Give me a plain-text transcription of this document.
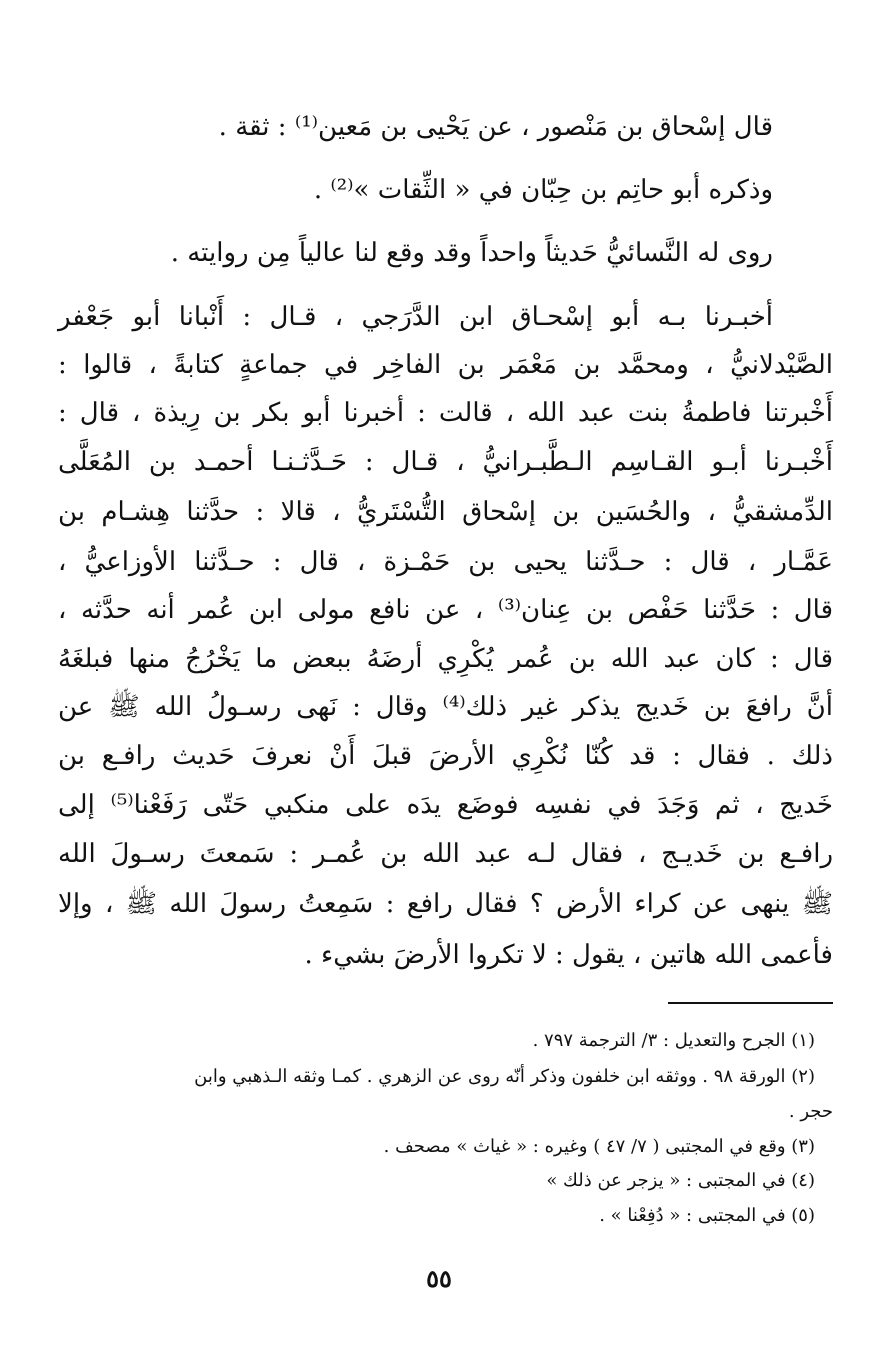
قال إسْحاق بن مَنْصور ، عن يَحْيى بن مَعين⁽¹⁾ : ثقة .
وذكره أبو حاتِم بن حِبّان في « الثِّقات »⁽²⁾ .
روى له النَّسائيُّ حَديثاً واحداً وقد وقع لنا عالياً مِن روايته .
أخبـرنا بـه أبو إسْحـاق ابن الدَّرَجي ، قـال : أَنْبانا أبو جَعْفر
الصَّيْدلانيُّ ، ومحمَّد بن مَعْمَر بن الفاخِر في جماعةٍ كتابةً ، قالوا :
أَخْبرتنا فاطمةُ بنت عبد الله ، قالت : أخبرنا أبو بكر بن رِيذة ، قال :
أَخْبـرنا أبـو القـاسِم الـطَّبـرانيُّ ، قـال : حَـدَّثـنـا أحمـد بن المُعَلَّى
الدِّمشقيُّ ، والحُسَين بن إسْحاق التُّسْتَريُّ ، قالا : حدَّثنا هِشـام بن
عَمَّـار ، قال : حـدَّثنا يحيى بن حَمْـزة ، قال : حـدَّثنا الأوزاعيُّ ،
قال : حَدَّثنا حَفْص بن عِنان⁽³⁾ ، عن نافع مولى ابن عُمر أنه حدَّثه ،
قال : كان عبد الله بن عُمر يُكْرِي أرضَهُ ببعض ما يَخْرُجُ منها فبلغَهُ
أنَّ رافعَ بن خَديج يذكر غير ذلك⁽⁴⁾ وقال : نَهى رسـولُ الله ﷺ عن
ذلك . فقال : قد كُنّا نُكْرِي الأرضَ قبلَ أَنْ نعرفَ حَديث رافـع بن
خَديج ، ثم وَجَدَ في نفسِه فوضَع يدَه على منكبي حَتّى رَفَعْنا⁽⁵⁾ إلى
رافـع بن خَديـج ، فقال لـه عبد الله بن عُمـر : سَمعتَ رسـولَ الله
ﷺ ينهى عن كراء الأرض ؟ فقال رافع : سَمِعتُ رسولَ الله ﷺ ، وإلا
فأعمى الله هاتين ، يقول : لا تكروا الأرضَ بشيء .
(١) الجرح والتعديل : ٣/ الترجمة ٧٩٧ .
(٢) الورقة ٩٨ . ووثقه ابن خلفون وذكر أنّه روى عن الزهري . كمـا وثقه الـذهبي وابن
حجر .
(٣) وقع في المجتبى ( ٧/ ٤٧ ) وغيره : « غياث » مصحف .
(٤) في المجتبى : « يزجر عن ذلك »
(٥) في المجتبى : « دُفِعْنا » .
٥٥
